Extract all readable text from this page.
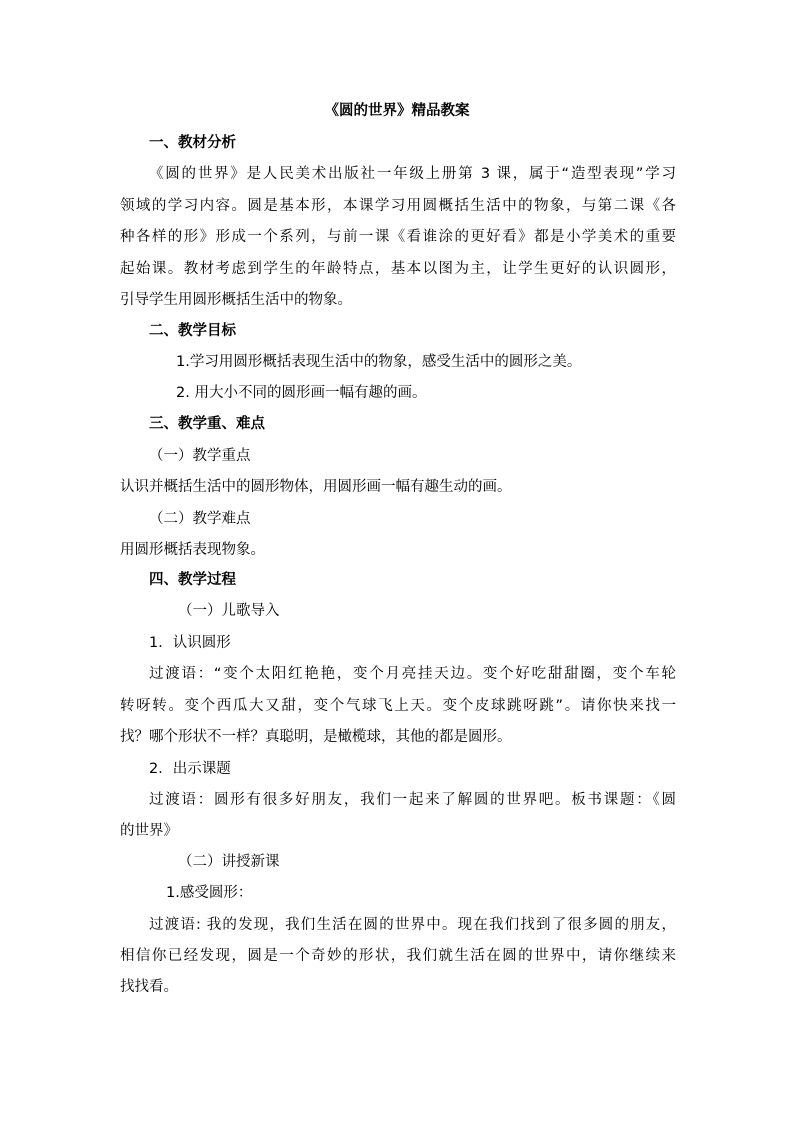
《圆的世界》精品教案
一、教材分析
《圆的世界》是人民美术出版社一年级上册第 3 课，属于“造型表现”学习
领域的学习内容。圆是基本形，本课学习用圆概括生活中的物象，与第二课《各
种各样的形》形成一个系列，与前一课《看谁涂的更好看》都是小学美术的重要
起始课。教材考虑到学生的年龄特点，基本以图为主，让学生更好的认识圆形，
引导学生用圆形概括生活中的物象。
二、教学目标
1.学习用圆形概括表现生活中的物象，感受生活中的圆形之美。
2. 用大小不同的圆形画一幅有趣的画。
三、教学重、难点
（一）教学重点
认识并概括生活中的圆形物体，用圆形画一幅有趣生动的画。
（二）教学难点
用圆形概括表现物象。
四、教学过程
（一）儿歌导入
1．认识圆形
过渡语：“变个太阳红艳艳，变个月亮挂天边。变个好吃甜甜圈，变个车轮
转呀转。变个西瓜大又甜，变个气球飞上天。变个皮球跳呀跳”。请你快来找一
找？哪个形状不一样？真聪明，是橄榄球，其他的都是圆形。
2．出示课题
过渡语：圆形有很多好朋友，我们一起来了解圆的世界吧。板书课题：《圆
的世界》
（二）讲授新课
1.感受圆形：
过渡语: 我的发现，我们生活在圆的世界中。现在我们找到了很多圆的朋友，
相信你已经发现，圆是一个奇妙的形状，我们就生活在圆的世界中，请你继续来
找找看。
